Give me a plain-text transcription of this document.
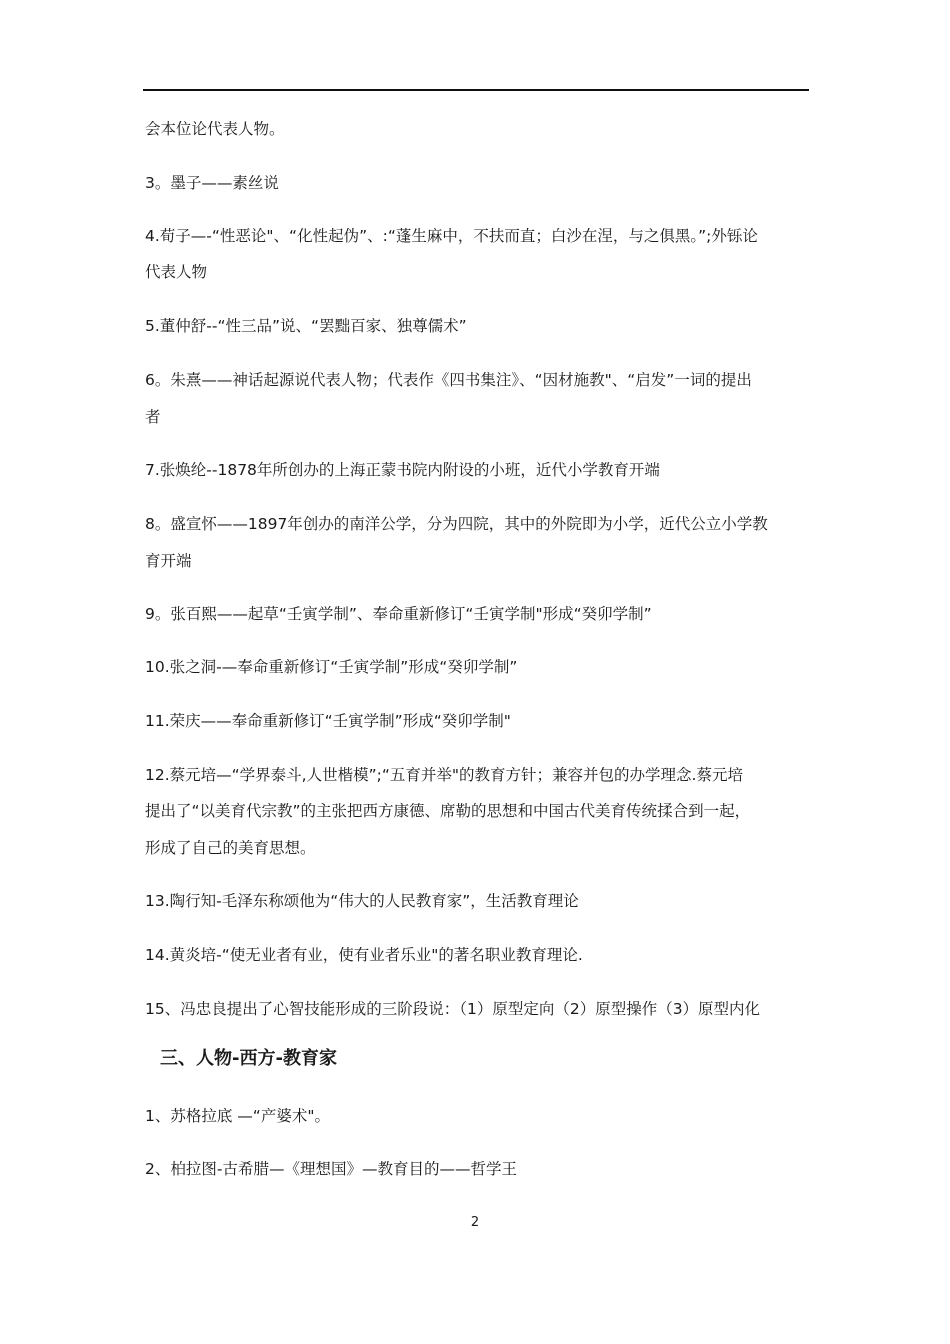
会本位论代表人物。
3。墨子——素丝说
4.荀子—-“性恶论"、“化性起伪”、:“蓬生麻中，不扶而直；白沙在涅，与之俱黑。”;外铄论
代表人物
5.董仲舒--“性三品”说、“罢黜百家、独尊儒术”
6。朱熹——神话起源说代表人物；代表作《四书集注》、“因材施教"、“启发”一词的提出
者
7.张焕纶--1878年所创办的上海正蒙书院内附设的小班，近代小学教育开端
8。盛宣怀——1897年创办的南洋公学，分为四院，其中的外院即为小学，近代公立小学教
育开端
9。张百熙——起草“壬寅学制”、奉命重新修订“壬寅学制"形成“癸卯学制”
10.张之洞-—奉命重新修订“壬寅学制”形成“癸卯学制”
11.荣庆——奉命重新修订“壬寅学制”形成“癸卯学制"
12.蔡元培—“学界泰斗,人世楷模”;“五育并举"的教育方针；兼容并包的办学理念.蔡元培
提出了“以美育代宗教”的主张把西方康德、席勒的思想和中国古代美育传统揉合到一起，
形成了自己的美育思想。
13.陶行知-毛泽东称颂他为“伟大的人民教育家”，生活教育理论
14.黄炎培-“使无业者有业，使有业者乐业"的著名职业教育理论.
15、冯忠良提出了心智技能形成的三阶段说：（1）原型定向（2）原型操作（3）原型内化
三、人物-西方-教育家
1、苏格拉底 —“产婆术"。
2、柏拉图-古希腊—《理想国》—教育目的——哲学王
2
